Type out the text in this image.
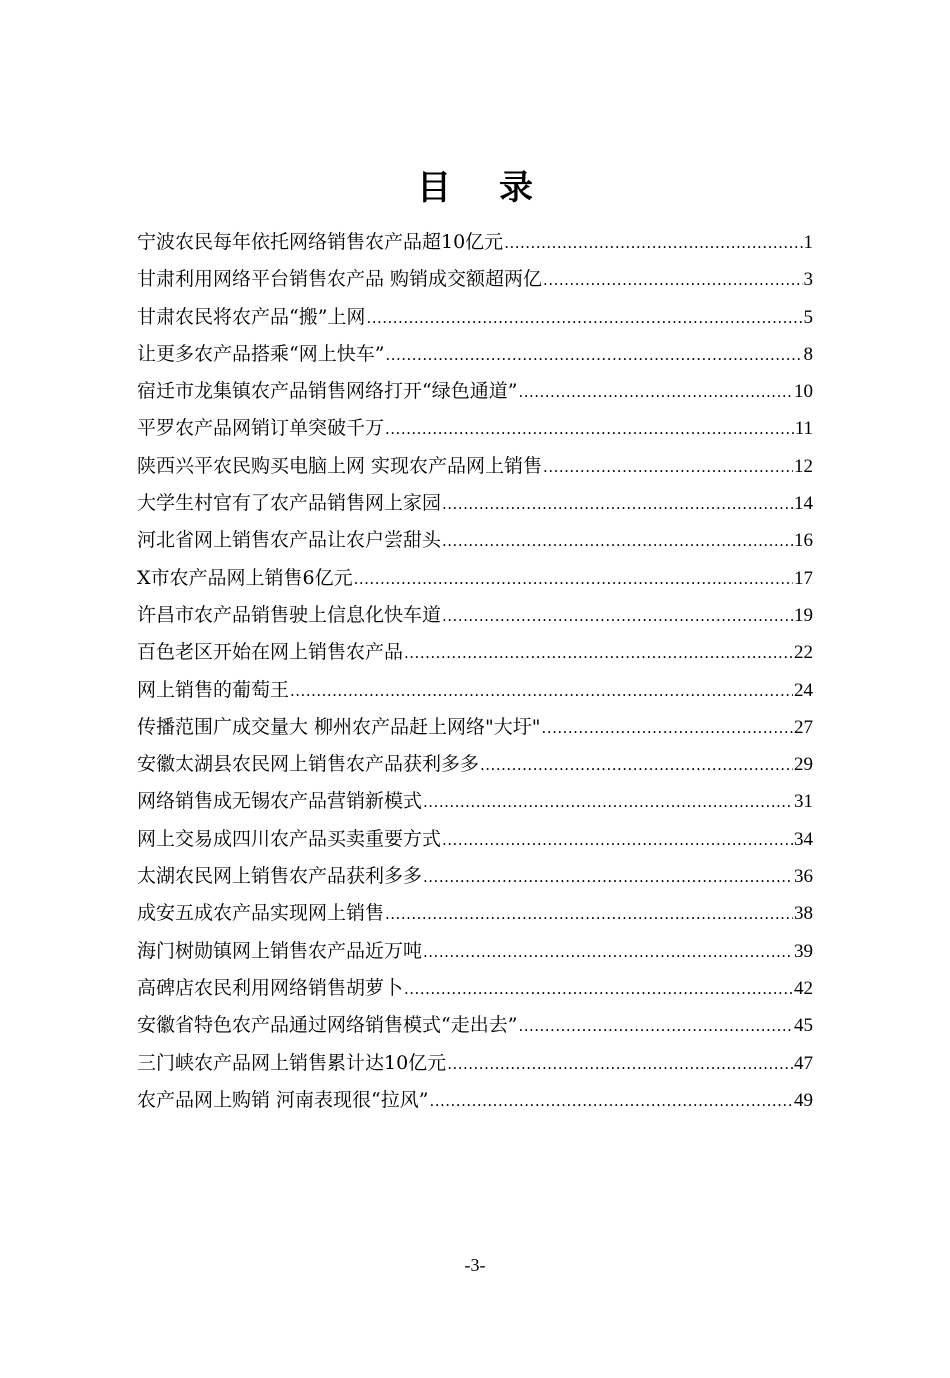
目 录
宁波农民每年依托网络销售农产品超10亿元 .....	1
甘肃利用网络平台销售农产品 购销成交额超两亿 .....	3
甘肃农民将农产品“搬”上网 .....	5
让更多农产品搭乘“网上快车” .....	8
宿迁市龙集镇农产品销售网络打开“绿色通道” .....	10
平罗农产品网销订单突破千万 .....	11
陕西兴平农民购买电脑上网 实现农产品网上销售 .....	12
大学生村官有了农产品销售网上家园 .....	14
河北省网上销售农产品让农户尝甜头 .....	16
X市农产品网上销售6亿元 .....	17
许昌市农产品销售驶上信息化快车道 .....	19
百色老区开始在网上销售农产品 .....	22
网上销售的葡萄王 .....	24
传播范围广成交量大 柳州农产品赶上网络"大圩" .....	27
安徽太湖县农民网上销售农产品获利多多 .....	29
网络销售成无锡农产品营销新模式 .....	31
网上交易成四川农产品买卖重要方式 .....	34
太湖农民网上销售农产品获利多多 .....	36
成安五成农产品实现网上销售 .....	38
海门树勋镇网上销售农产品近万吨 .....	39
高碑店农民利用网络销售胡萝卜 .....	42
安徽省特色农产品通过网络销售模式“走出去” .....	45
三门峡农产品网上销售累计达10亿元 .....	47
农产品网上购销 河南表现很“拉风” .....	49
-3-
